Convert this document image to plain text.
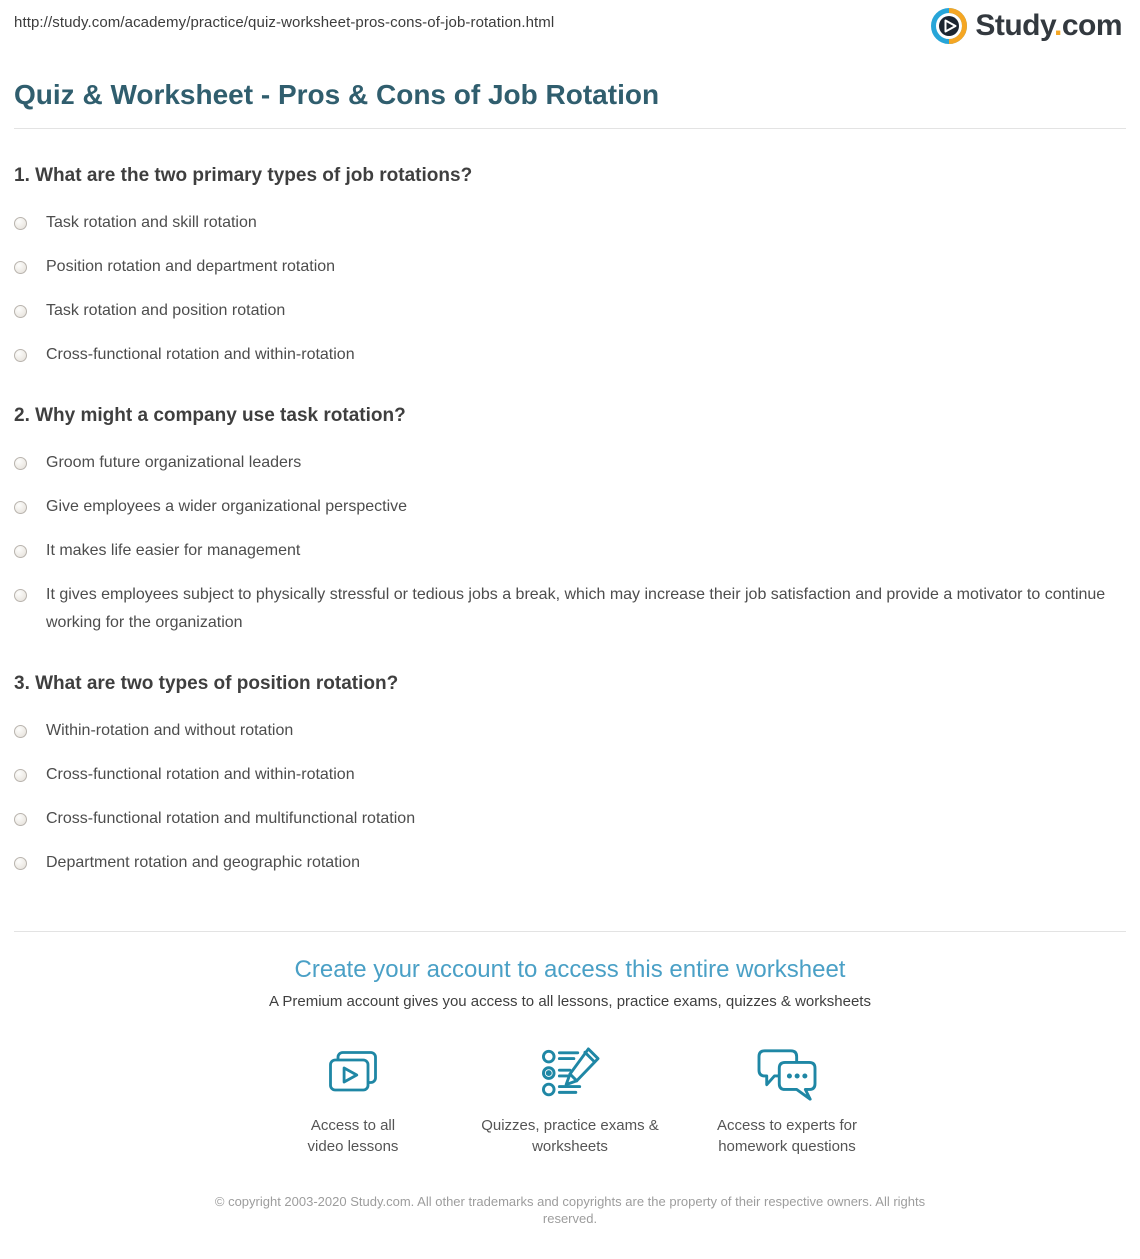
http://study.com/academy/practice/quiz-worksheet-pros-cons-of-job-rotation.html	Study.com
Quiz & Worksheet - Pros & Cons of Job Rotation
1. What are the two primary types of job rotations?
Task rotation and skill rotation
Position rotation and department rotation
Task rotation and position rotation
Cross-functional rotation and within-rotation
2. Why might a company use task rotation?
Groom future organizational leaders
Give employees a wider organizational perspective
It makes life easier for management
It gives employees subject to physically stressful or tedious jobs a break, which may increase their job satisfaction and provide a motivator to continue working for the organization
3. What are two types of position rotation?
Within-rotation and without rotation
Cross-functional rotation and within-rotation
Cross-functional rotation and multifunctional rotation
Department rotation and geographic rotation
Create your account to access this entire worksheet
A Premium account gives you access to all lessons, practice exams, quizzes & worksheets
Access to all video lessons
Quizzes, practice exams & worksheets
Access to experts for homework questions
© copyright 2003-2020 Study.com. All other trademarks and copyrights are the property of their respective owners. All rights reserved.
